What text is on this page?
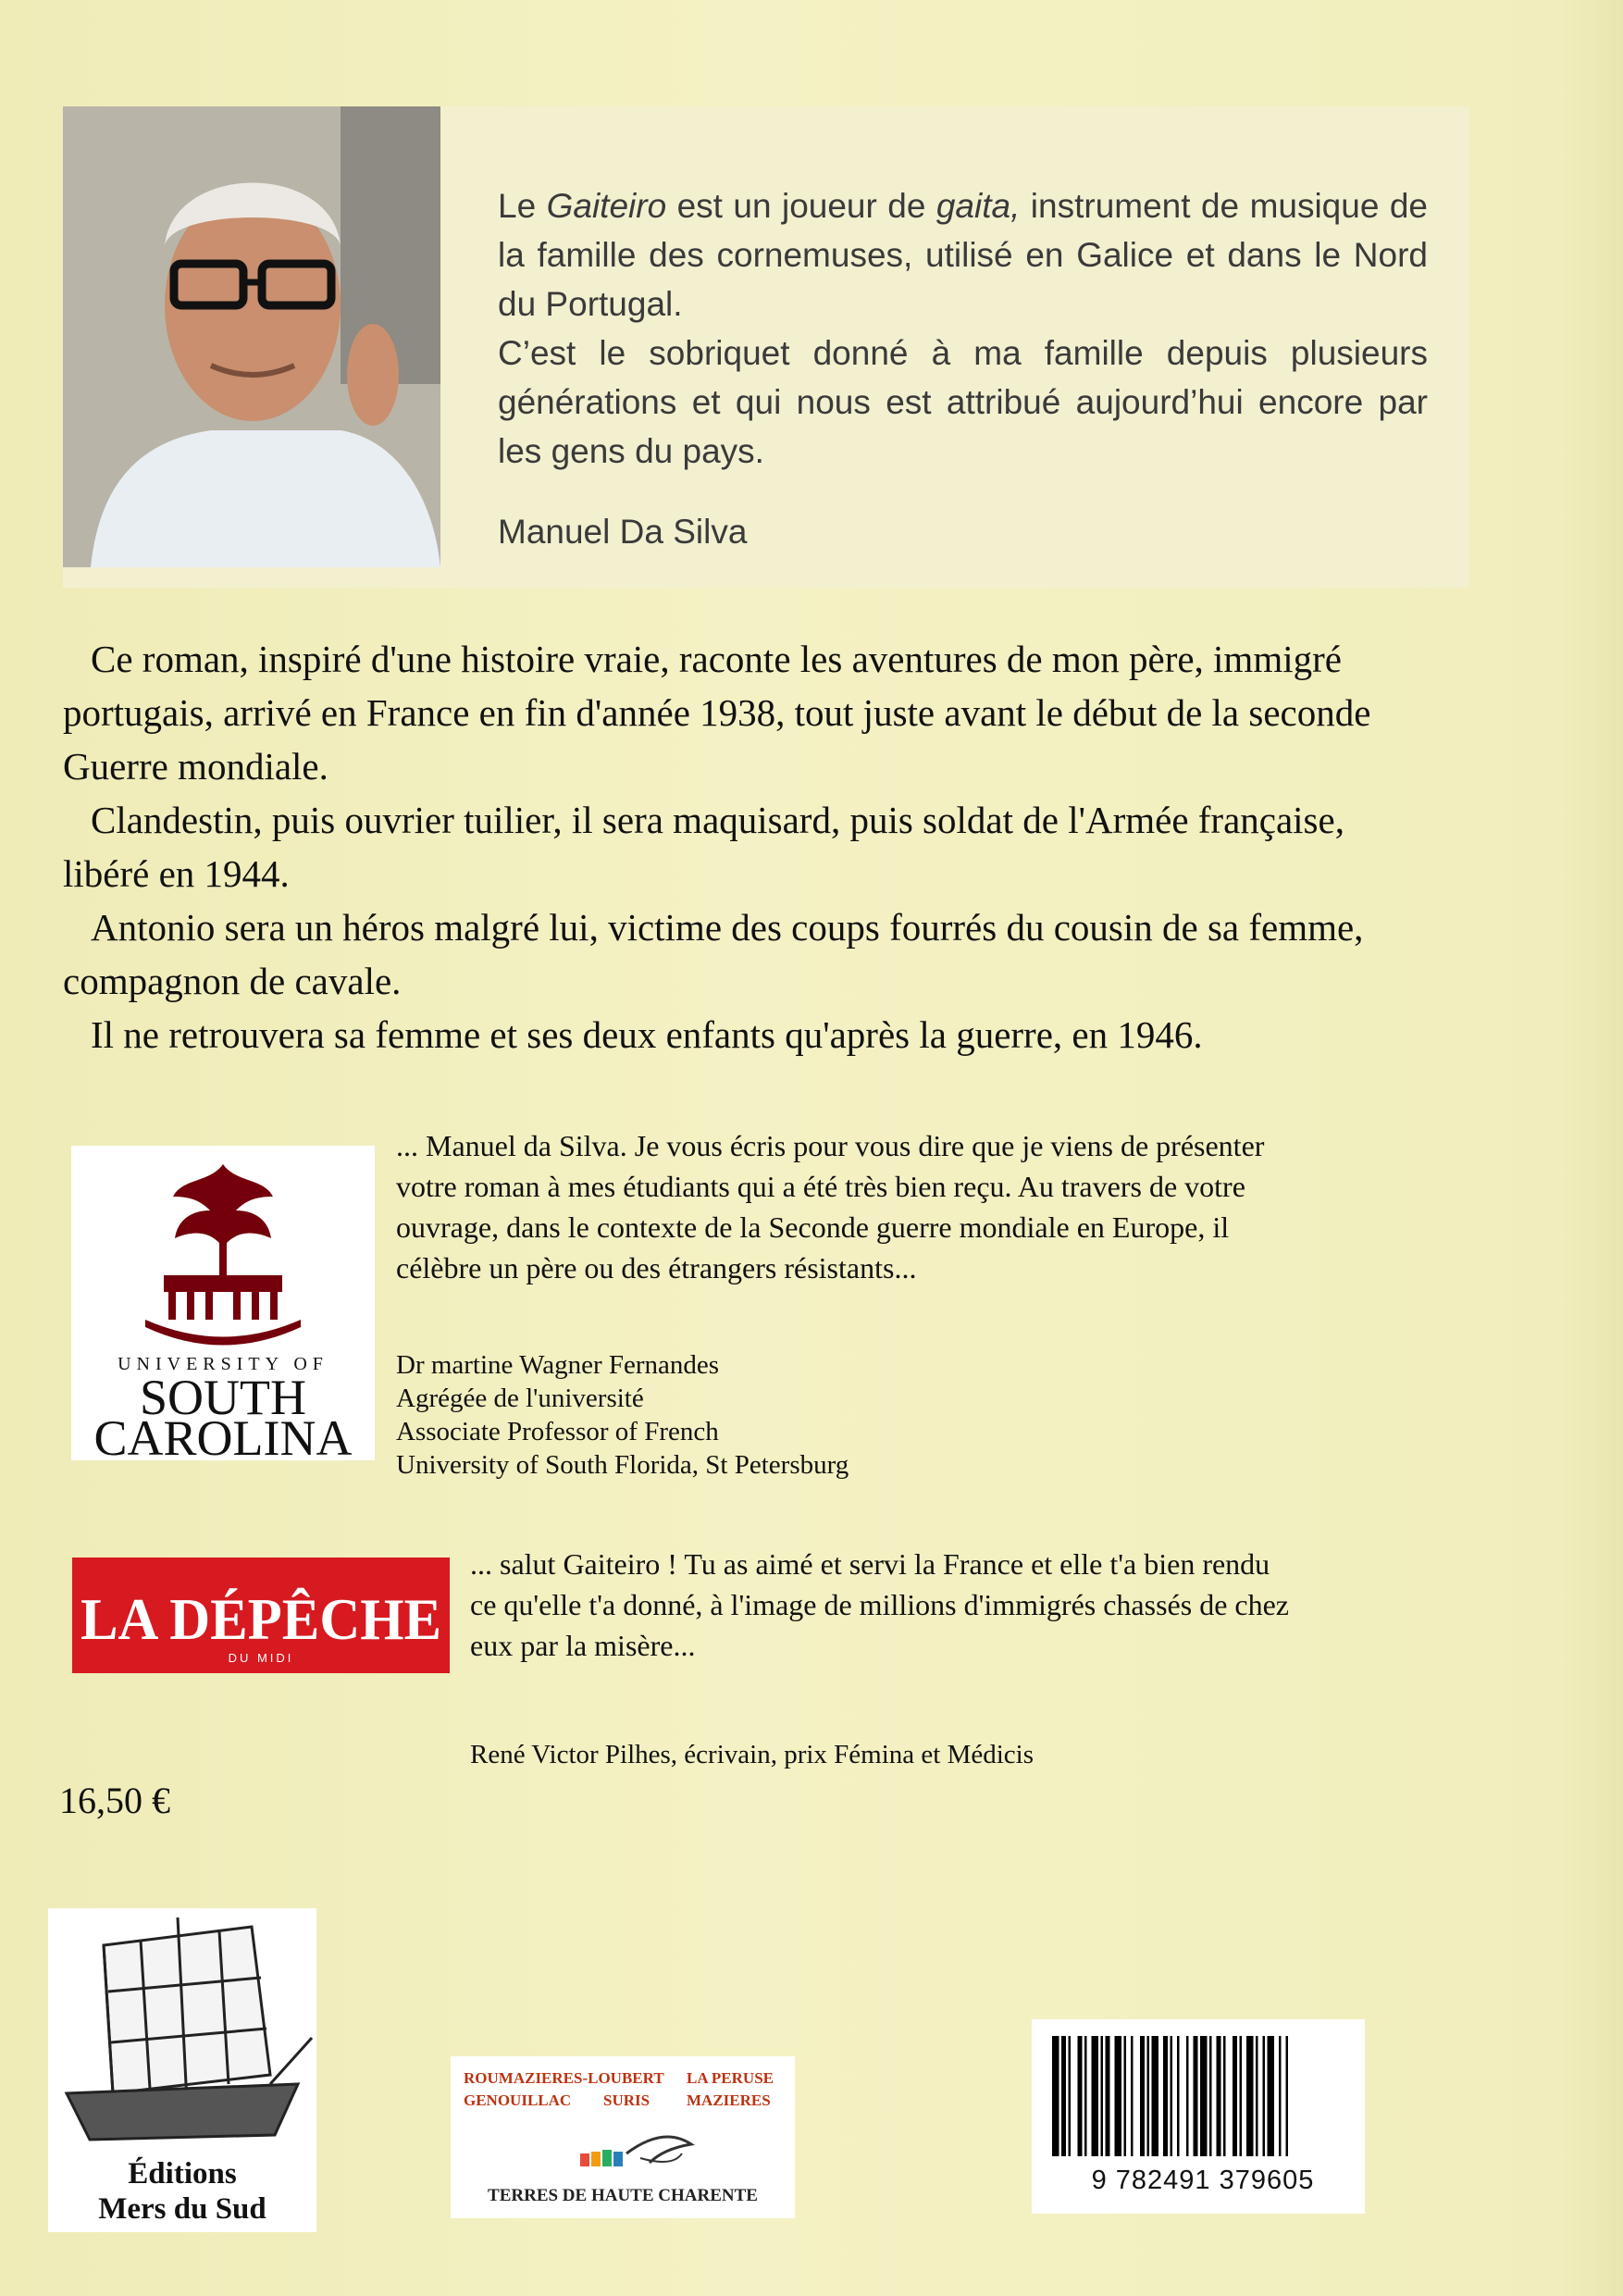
Le Gaiteiro est un joueur de gaita, instrument de musique de la famille des cornemuses, utilisé en Galice et dans le Nord du Portugal.

C’est le sobriquet donné à ma famille depuis plusieurs générations et qui nous est attribué aujourd’hui encore par les gens du pays.

Manuel Da Silva

Ce roman, inspiré d'une histoire vraie, raconte les aventures de mon père, immigré portugais, arrivé en France en fin d'année 1938, tout juste avant le début de la seconde Guerre mondiale.

Clandestin, puis ouvrier tuilier, il sera maquisard, puis soldat de l'Armée française, libéré en 1944.

Antonio sera un héros malgré lui, victime des coups fourrés du cousin de sa femme, compagnon de cavale.

Il ne retrouvera sa femme et ses deux enfants qu'après la guerre, en 1946.

1801
UNIVERSITY OF
SOUTH
CAROLINA
... Manuel da Silva. Je vous écris pour vous dire que je viens de présenter votre roman à mes étudiants qui a été très bien reçu. Au travers de votre ouvrage, dans le contexte de la Seconde guerre mondiale en Europe, il célèbre un père ou des étrangers résistants...
Dr martine Wagner Fernandes
Agrégée de l'université
Associate Professor of French
University of South Florida, St Petersburg
LA DÉPÊCHE
DU MIDI
... salut Gaiteiro ! Tu as aimé et servi la France et elle t'a bien rendu ce qu'elle t'a donné, à l'image de millions d'immigrés chassés de chez eux par la misère...
René Victor Pilhes, écrivain, prix Fémina et Médicis
16,50 €
Éditions
Mers du Sud
ROUMAZIERES-LOUBERT LA PERUSE
GENOUILLAC SURIS MAZIERES
TERRES DE HAUTE CHARENTE
9 782491 379605
